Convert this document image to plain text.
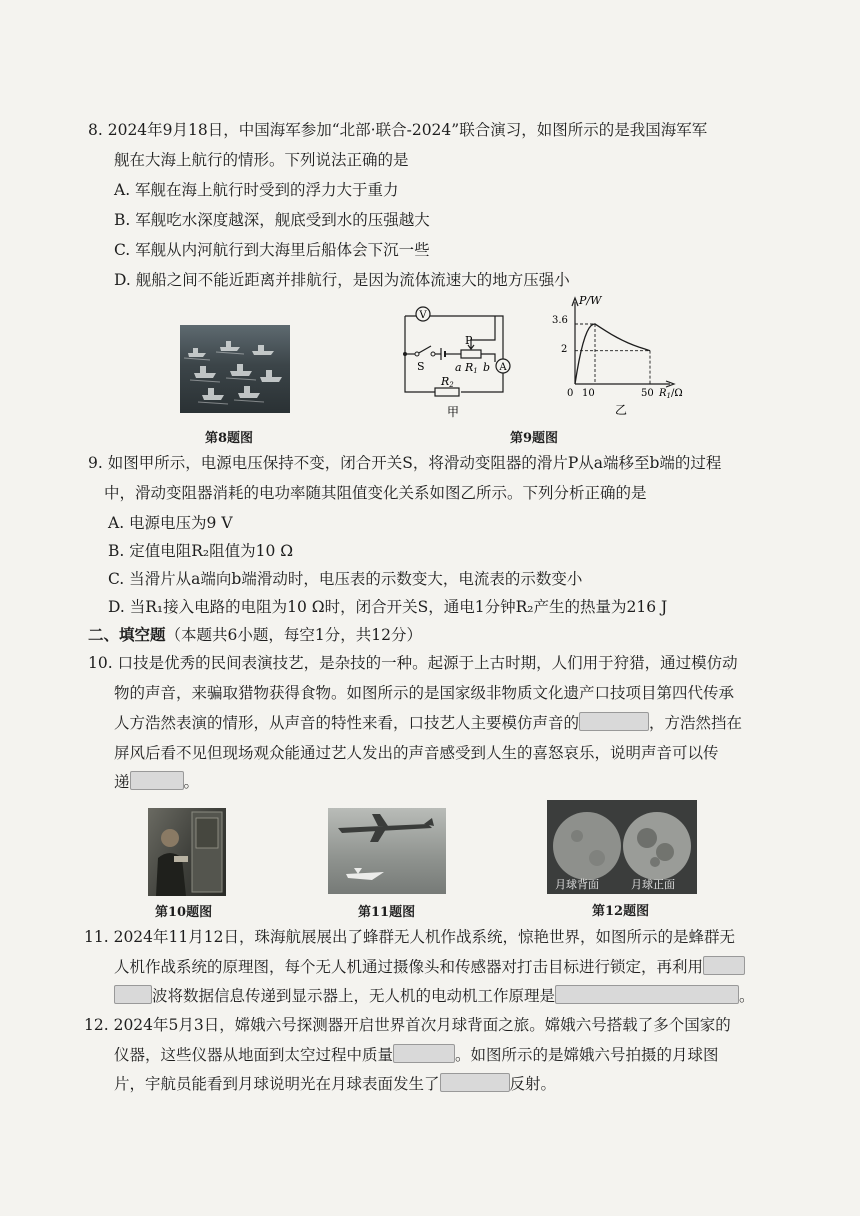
8. 2024年9月18日，中国海军参加“北部·联合-2024”联合演习，如图所示的是我国海军军
舰在大海上航行的情形。下列说法正确的是
A. 军舰在海上航行时受到的浮力大于重力
B. 军舰吃水深度越深，舰底受到水的压强越大
C. 军舰从内河航行到大海里后船体会下沉一些
D. 舰船之间不能近距离并排航行，是因为流体流速大的地方压强小
第8题图
V
A
S
P
a R1 b
R2
甲
P/W
3.6
2
0 10	50 $R_1/\Omega$
乙
第9题图
9. 如图甲所示，电源电压保持不变，闭合开关S，将滑动变阻器的滑片P从a端移至b端的过程
中，滑动变阻器消耗的电功率随其阻值变化关系如图乙所示。下列分析正确的是
A. 电源电压为9 V
B. 定值电阻R₂阻值为10 Ω
C. 当滑片从a端向b端滑动时，电压表的示数变大，电流表的示数变小
D. 当R₁接入电路的电阻为10 Ω时，闭合开关S，通电1分钟R₂产生的热量为216 J
二、填空题（本题共6小题，每空1分，共12分）
10. 口技是优秀的民间表演技艺，是杂技的一种。起源于上古时期，人们用于狩猎，通过模仿动
物的声音，来骗取猎物获得食物。如图所示的是国家级非物质文化遗产口技项目第四代传承
人方浩然表演的情形，从声音的特性来看，口技艺人主要模仿声音的	，方浩然挡在
屏风后看不见但现场观众能通过艺人发出的声音感受到人生的喜怒哀乐，说明声音可以传
递	。
第10题图	第11题图
月球背面	月球正面
第12题图
11. 2024年11月12日，珠海航展展出了蜂群无人机作战系统，惊艳世界，如图所示的是蜂群无
人机作战系统的原理图，每个无人机通过摄像头和传感器对打击目标进行锁定，再利用
波将数据信息传递到显示器上，无人机的电动机工作原理是	。
12. 2024年5月3日，嫦娥六号探测器开启世界首次月球背面之旅。嫦娥六号搭载了多个国家的
仪器，这些仪器从地面到太空过程中质量	。如图所示的是嫦娥六号拍摄的月球图
片，宇航员能看到月球说明光在月球表面发生了	反射。
